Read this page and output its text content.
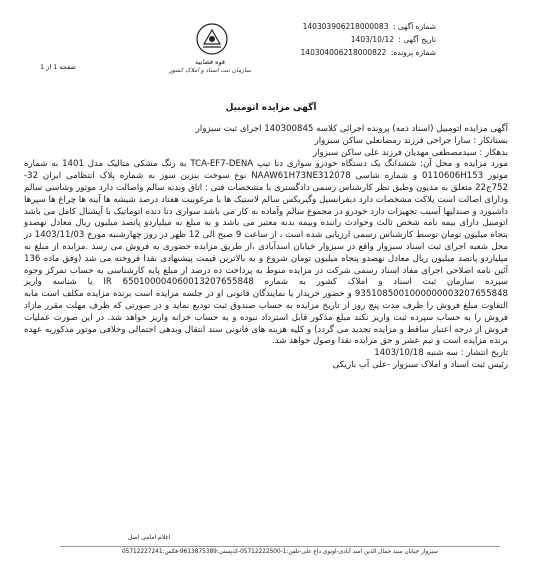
شماره آگهی : 140303906218000083
تاریخ آگهی : 1403/10/12
شماره پرونده: 140304006218000822
صفحه 1 از 1
قوه قضاییه
سازمان ثبت اسناد و املاک کشور
آگهی مزایده اتومبیل

آگهی مزایده اتومبیل (اسناد ذمه) پرونده اجرائی کلاسه 140300845 اجرای ثبت سبزوار

بستانکار : سارا جراحی فرزند رمضانعلی ساکن سبزوار

بدهکار : سیدمصطفی مهدیان فرزند علی ساکن سبزوار

مورد مزایده و محل آن: ششدانگ یک دستگاه خودرو سواری دنا تیپ TCA-EF7-DENA به رنگ مشکی متالیک مدل 1401 به شماره موتور 0110606H153 و شماره شاسی NAAW61H73NE312078 نوع سوخت بنزین سوز به شماره پلاک انتظامی ایران 32-752ج22 متعلق به مدیون وطبق نظر کارشناس رسمی دادگستری با مشخصات فنی : اتاق وبدنه سالم واصالت دارد موتور وشاسی سالم ودارای اصالت است پلاکت مشخصات دارد دیفرانسیل وگیربکس سالم لاستیک ها با مرغوبیت هفتاد درصد شیشه ها آینه ها چراغ ها سپرها داشبورد و صندلیها آسیب تجهیزات دارد خودرو در مجموع سالم وآماده به کار می باشد سواری دنا دنده اتوماتیک با آپشنال کامل می باشد اتومبیل دارای بیمه نامه شخص ثالث وحوادث راننده وبیمه بدنه معتبر می باشد و به مبلغ نه میلیاردو پانصد میلیون ریال معادل نهصدو پنجاه میلیون تومان توسط کارشناس رسمی ارزیابی شده است ، از ساعت 9 صبح الی 12 ظهر در روز چهارشنبه مورخ 1403/11/03 در محل شعبه اجرای ثبت اسناد سبزوار واقع در سبزوار خیابان اسدآبادی ،از طریق مزایده حضوری به فروش می رسد .مزایده از مبلغ نه میلیاردو پانصد میلیون ریال معادل نهصدو پنجاه میلیون تومان شروع و به بالاترین قیمت پیشنهادی نقدا فروخته می شد (وفق ماده 136 آئین نامه اصلاحی اجرای مفاد اسناد رسمی شرکت در مزایده منوط به پرداخت ده درصد از مبلغ پایه کارشناسی به حساب تمرکز وجوه سپرده سازمان ثبت اسناد و املاک کشور به شماره IR 650100004060013207655848 یا شناسه واریز 9351085001000000003207655848 و حضور خریدار یا نمایندگان قانونی او در جلسه مزایده است برنده مزایده مکلف است مابه التفاوت مبلغ فروش را ظرف مدت پنج روز از تاریخ مزایده به حساب صندوق ثبت تودیع نماید و در صورتی که ظرف مهلت مقرر مازاد فروش را به حساب سپرده ثبت واریز نکند مبلغ مذکور قابل استرداد نبوده و به حساب خزانه واریز خواهد شد. در این صورت عملیات فروش از درجه اعتبار ساقط و مزایده تجدید می گردد) و کلیه هزینه های قانونی سند انتقال وبدهی احتمالی وخلافی موتور مذکوربه عهده برنده مزایده است و نیم عشر و حق مزایده نقدا وصول خواهد شد.

تاریخ انتشار : سه شنبه 1403/10/18

رئیس ثبت اسناد و املاک سبزوار -علی آب باریکی

اعلام امامی اصل
سبزوار خیابان سید جمال الدین اسد آبادی-اوبوی داغ علی-تلفن:1-05712222500-کدپستی:9613875389-فکس:05712227241
